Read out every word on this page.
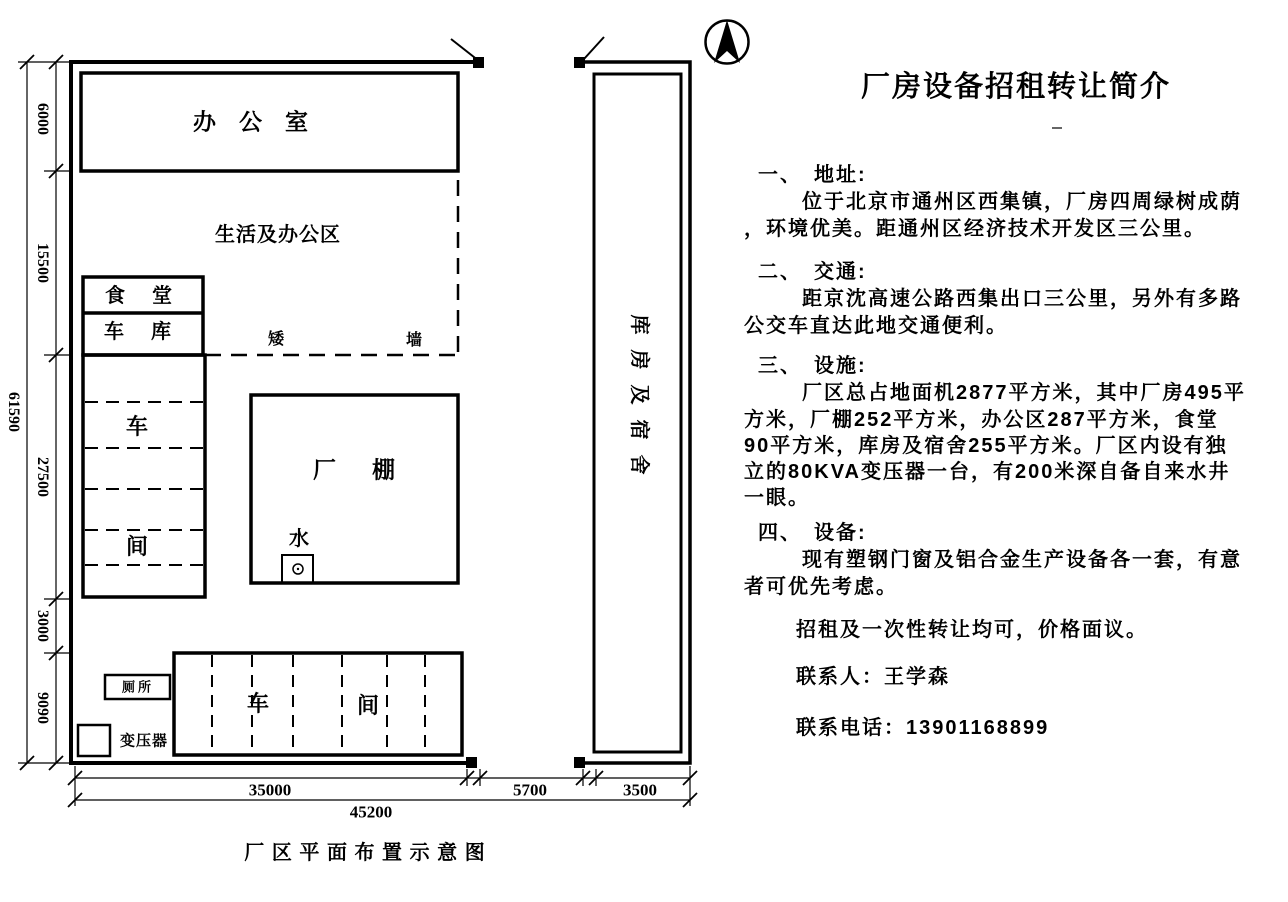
办公室
生活及办公区
食堂
车库
车
间
厂棚
水
矮	墙
厕所
变压器
车	间
库房及宿舍
6000
15500
27500
3000
9090
61590
35000	5700	3500
45200
厂 区 平 面 布 置 示 意 图
厂房设备招租转让简介
一、　地址:
位于北京市通州区西集镇，厂房四周绿树成荫
，环境优美。距通州区经济技术开发区三公里。
二、　交通:
距京沈高速公路西集出口三公里，另外有多路
公交车直达此地交通便利。
三、　设施:
厂区总占地面机2877平方米，其中厂房495平
方米，厂棚252平方米，办公区287平方米，食堂
90平方米，库房及宿舍255平方米。厂区内设有独
立的80KVA变压器一台，有200米深自备自来水井
一眼。
四、　设备:
现有塑钢门窗及铝合金生产设备各一套，有意
者可优先考虑。
招租及一次性转让均可，价格面议。
联系人：王学森
联系电话：13901168899
